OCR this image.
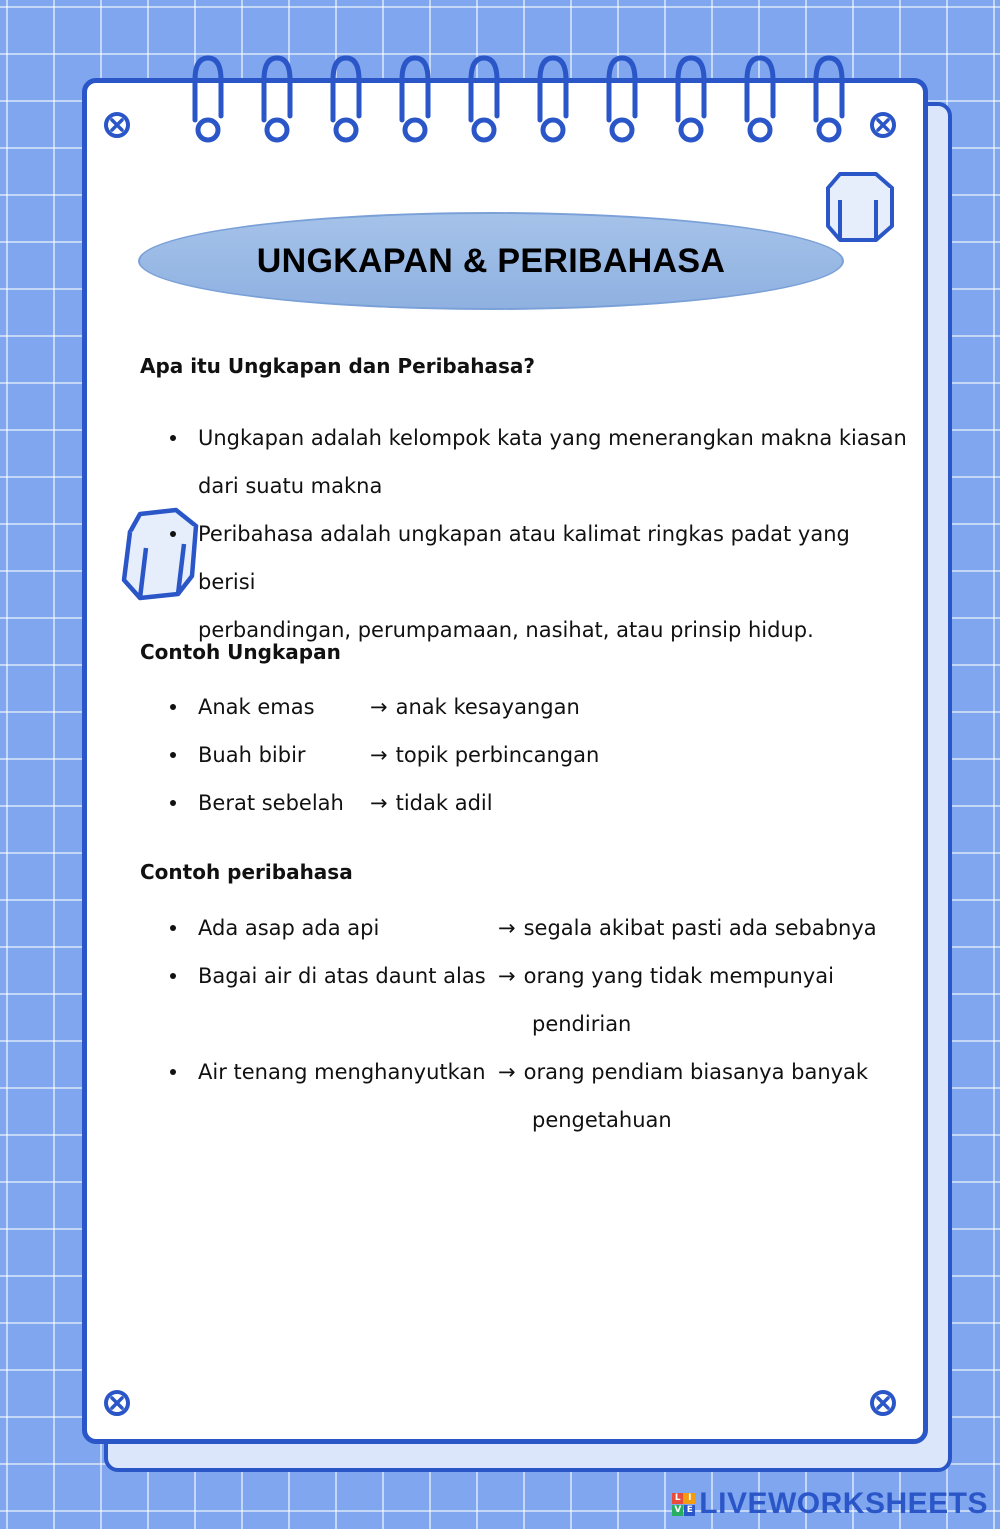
UNGKAPAN & PERIBAHASA
Apa itu Ungkapan dan Peribahasa?
Ungkapan adalah kelompok kata yang menerangkan makna kiasan
dari suatu makna
Peribahasa adalah ungkapan atau kalimat ringkas padat yang berisi
perbandingan, perumpamaan, nasihat, atau prinsip hidup.
Contoh Ungkapan
Anak emas	→ anak kesayangan
Buah bibir	→ topik perbincangan
Berat sebelah	→ tidak adil
Contoh peribahasa
Ada asap ada api	→ segala akibat pasti ada sebabnya
Bagai air di atas daunt alas → orang yang tidak mempunyai
pendirian
Air tenang menghanyutkan → orang pendiam biasanya banyak
pengetahuan
L I
V E LIVEWORKSHEETS
